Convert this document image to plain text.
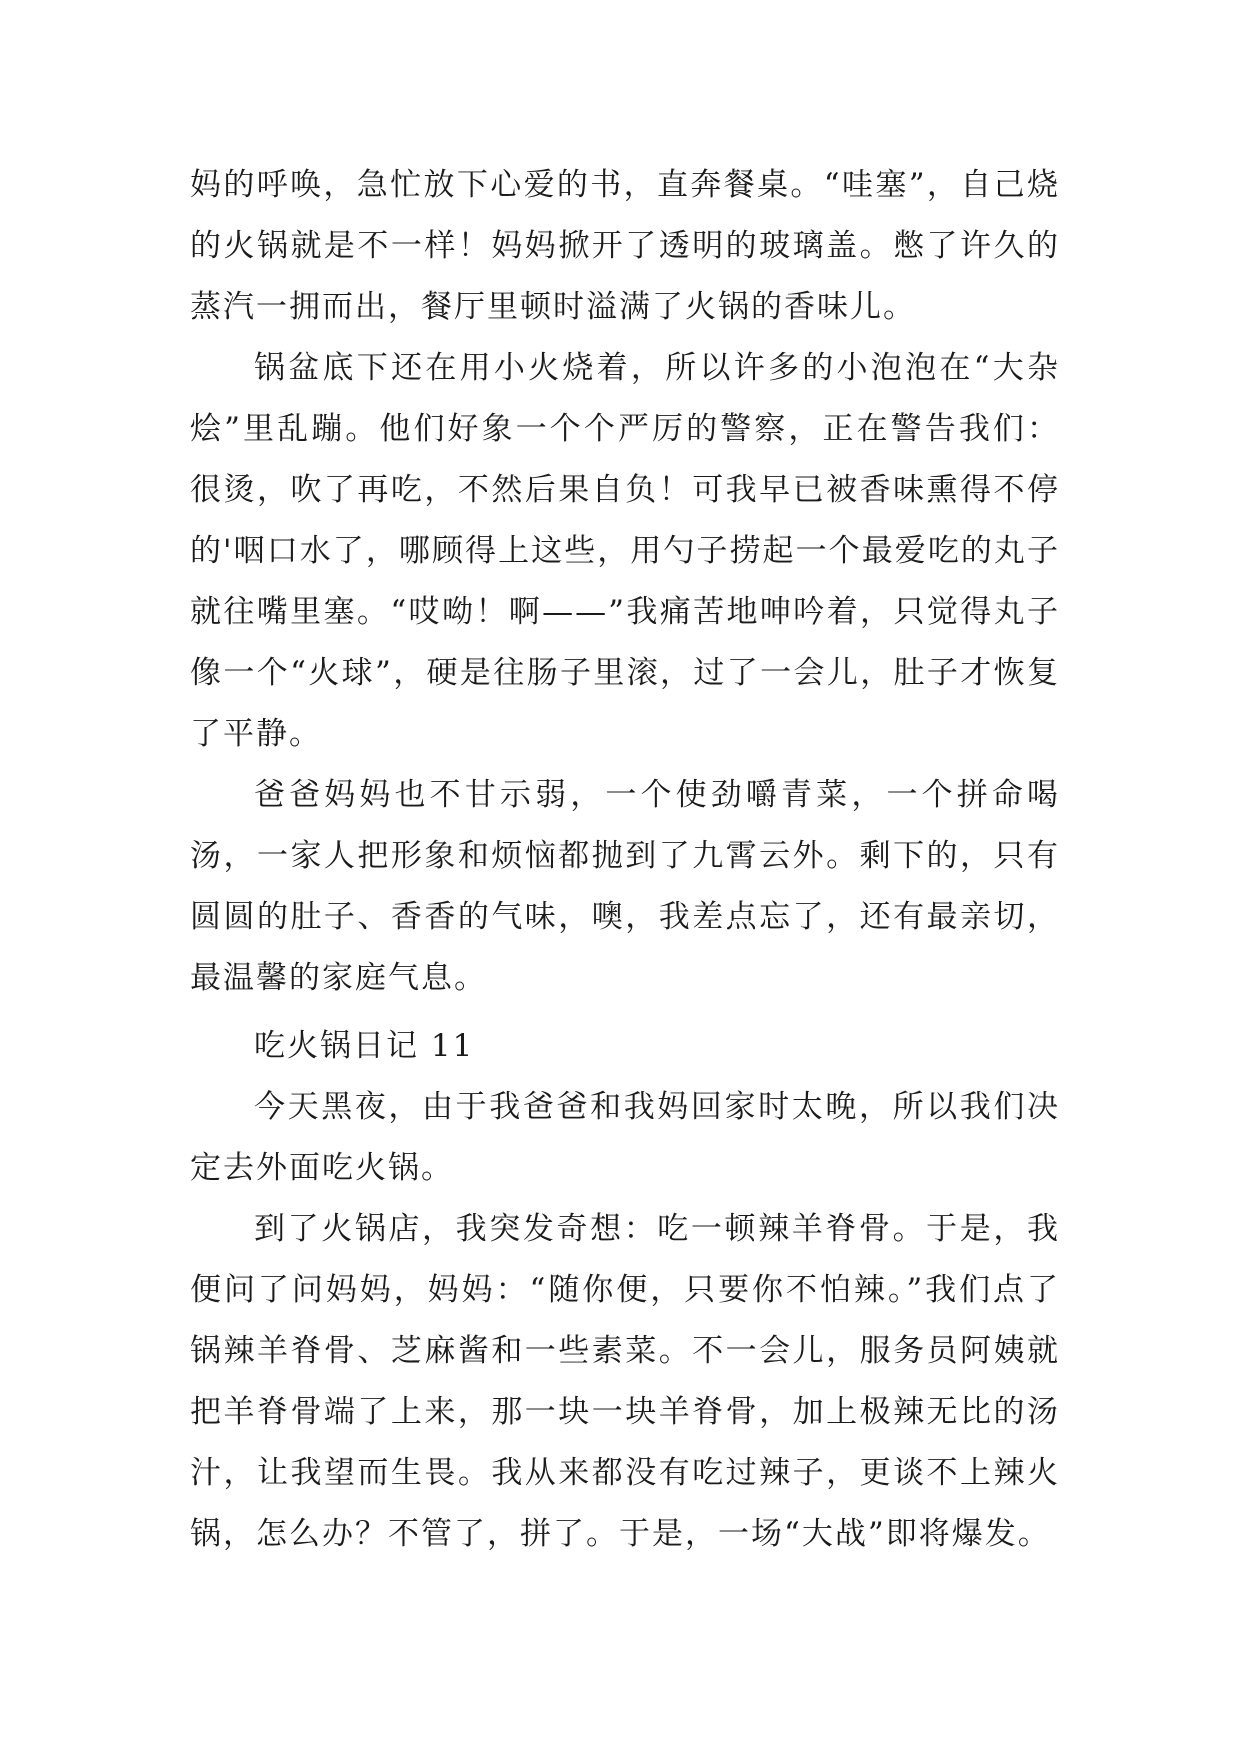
妈的呼唤，急忙放下心爱的书，直奔餐桌。“哇塞”，自己烧的火锅就是不一样！妈妈掀开了透明的玻璃盖。憋了许久的蒸汽一拥而出，餐厅里顿时溢满了火锅的香味儿。

锅盆底下还在用小火烧着，所以许多的小泡泡在“大杂烩”里乱蹦。他们好象一个个严厉的警察，正在警告我们：很烫，吹了再吃，不然后果自负！可我早已被香味熏得不停的'咽口水了，哪顾得上这些，用勺子捞起一个最爱吃的丸子就往嘴里塞。“哎呦！啊——”我痛苦地呻吟着，只觉得丸子像一个“火球”，硬是往肠子里滚，过了一会儿，肚子才恢复了平静。

爸爸妈妈也不甘示弱，一个使劲嚼青菜，一个拼命喝汤，一家人把形象和烦恼都抛到了九霄云外。剩下的，只有圆圆的肚子、香香的气味，噢，我差点忘了，还有最亲切，最温馨的家庭气息。

吃火锅日记 11

今天黑夜，由于我爸爸和我妈回家时太晚，所以我们决定去外面吃火锅。

到了火锅店，我突发奇想：吃一顿辣羊脊骨。于是，我便问了问妈妈，妈妈：“随你便，只要你不怕辣。”我们点了锅辣羊脊骨、芝麻酱和一些素菜。不一会儿，服务员阿姨就把羊脊骨端了上来，那一块一块羊脊骨，加上极辣无比的汤汁，让我望而生畏。我从来都没有吃过辣子，更谈不上辣火锅，怎么办？不管了，拼了。于是，一场“大战”即将爆发。
